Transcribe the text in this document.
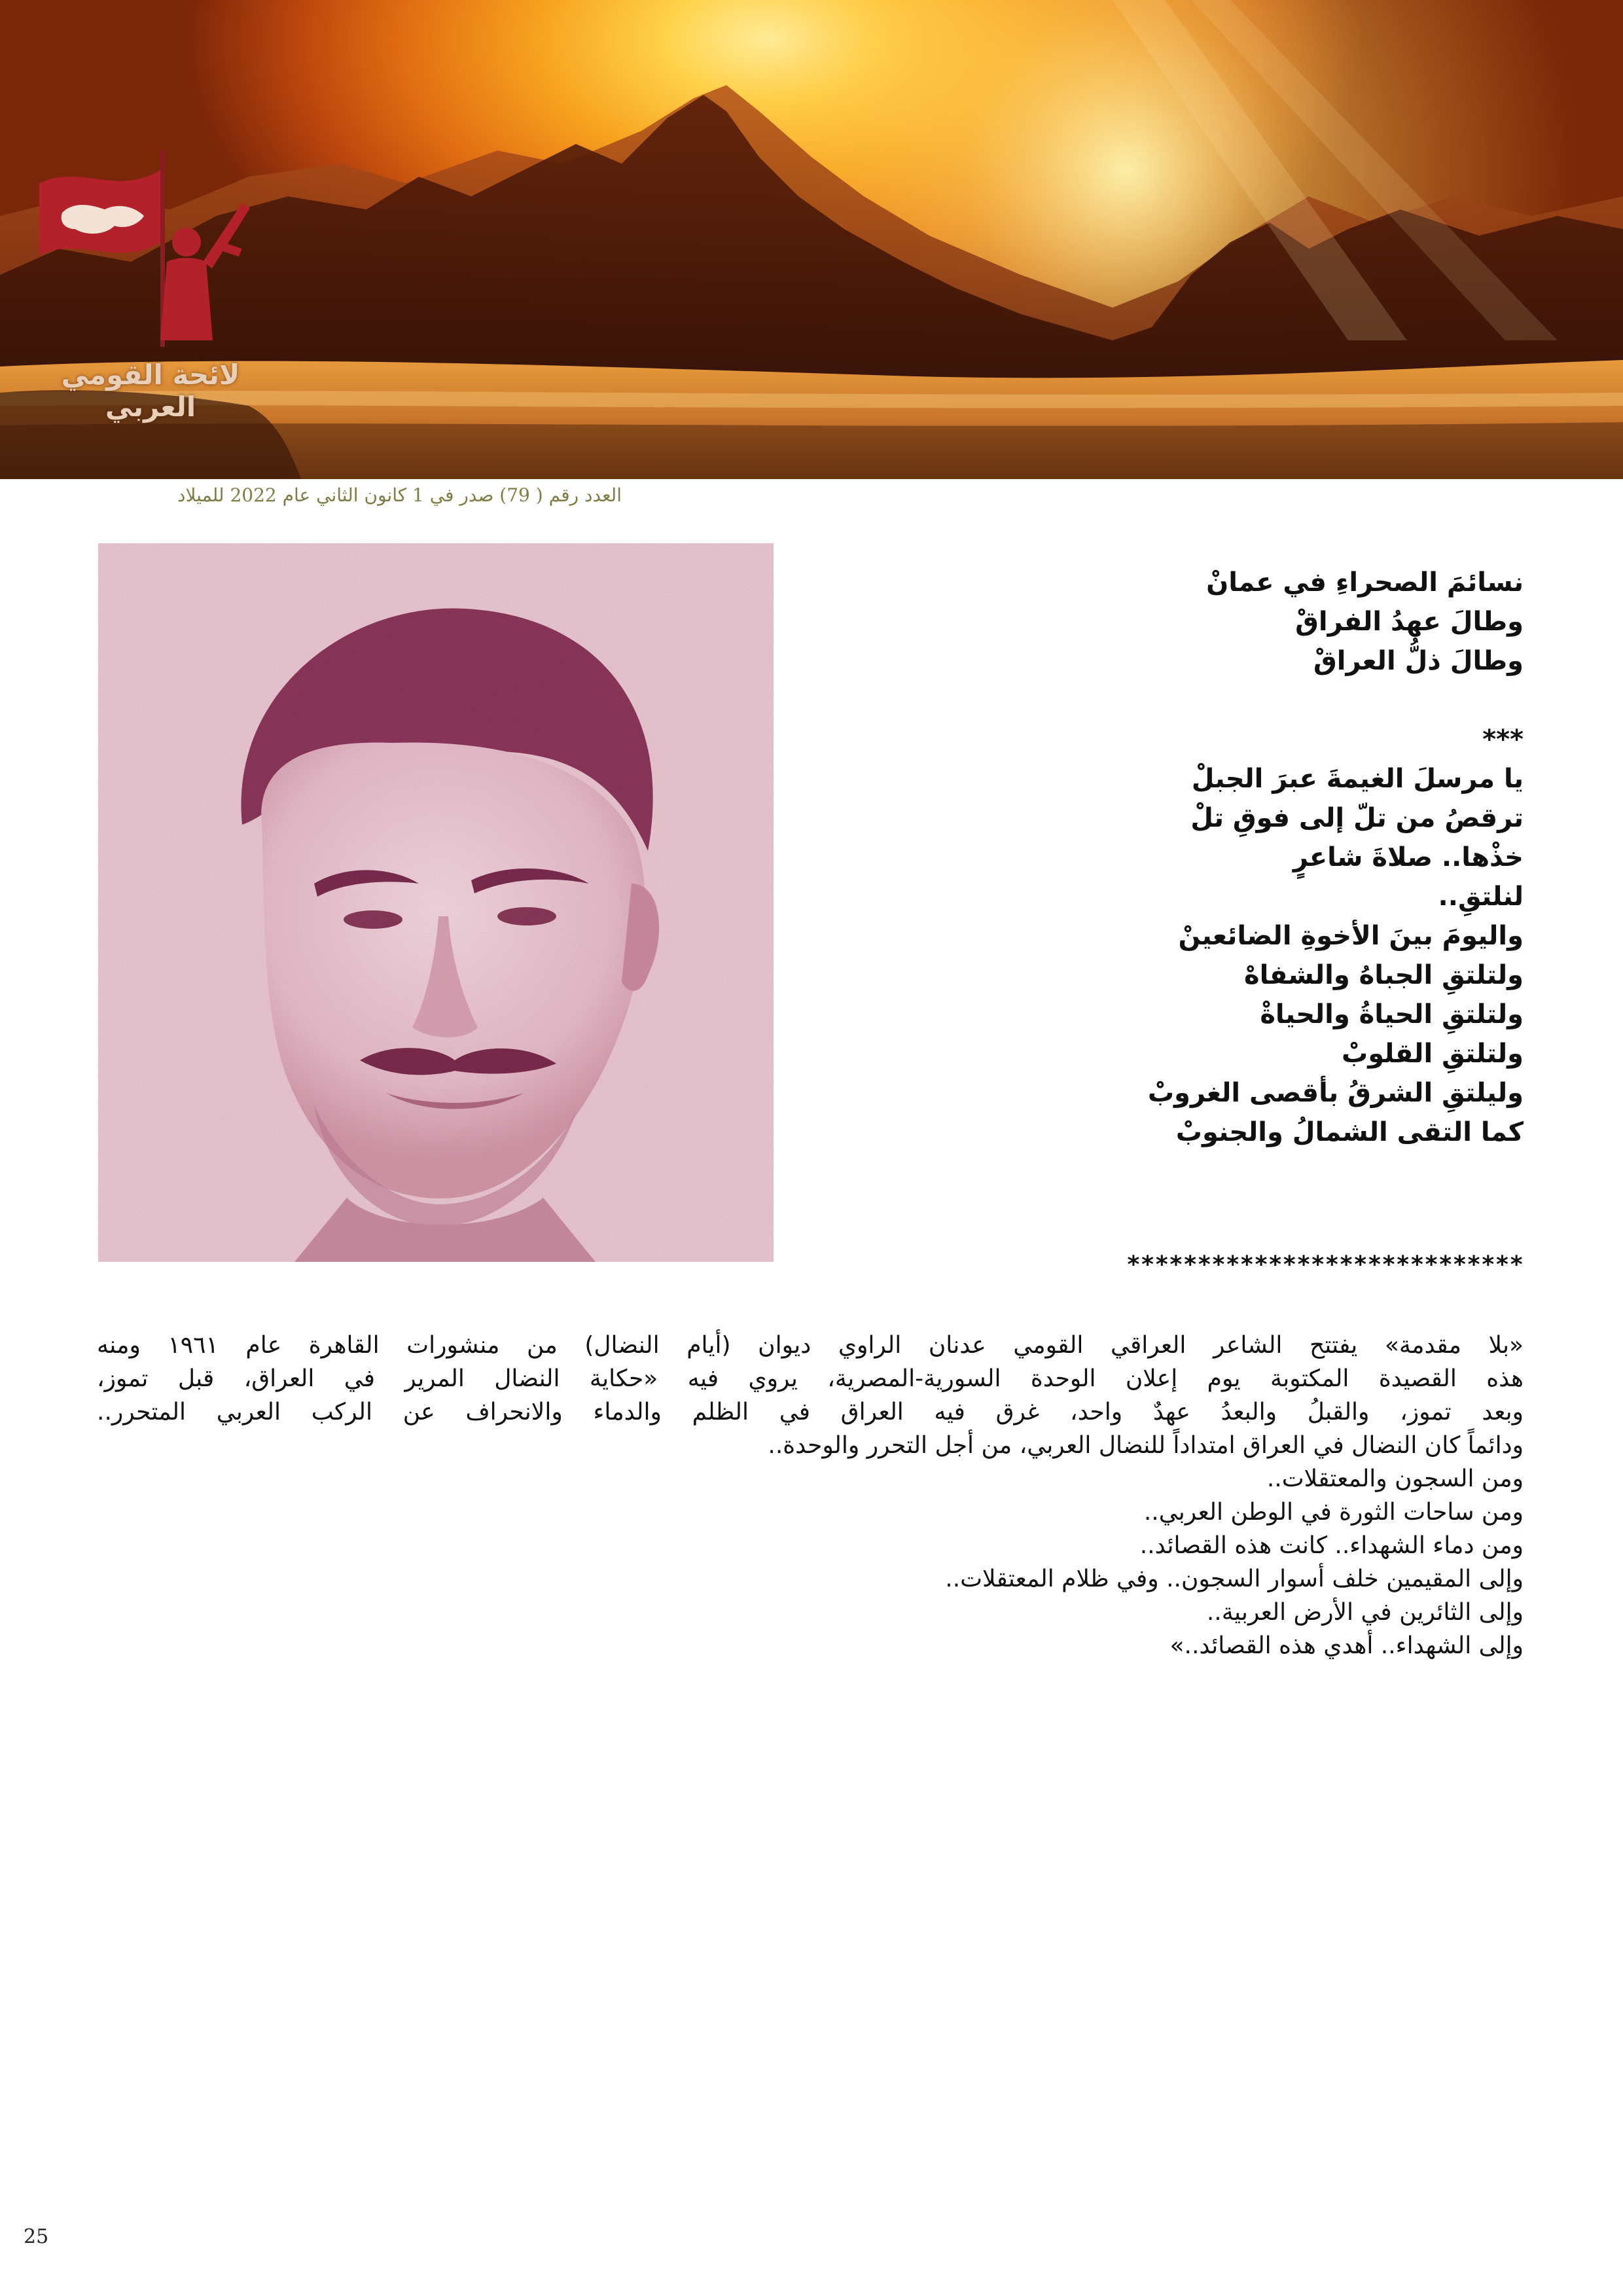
لائحة القومي العربي
العدد رقم ( 79) صدر في 1 كانون الثاني عام 2022 للميلاد
نسائمَ الصحراءِ في عمانْ
وطالَ عهدُ الفراقْ
وطالَ ذلُّ العراقْ
***
يا مرسلَ الغيمةَ عبرَ الجبلْ
ترقصُ من تلّ إلى فوقِ تلْ
خذْها.. صلاةَ شاعرٍ
لنلتقِ..
واليومَ بينَ الأخوةِ الضائعينْ
ولتلتقِ الجباهُ والشفاهْ
ولتلتقِ الحياةُ والحياةْ
ولتلتقِ القلوبْ
وليلتقِ الشرقُ بأقصى الغروبْ
كما التقى الشمالُ والجنوبْ
****************************
«بلا مقدمة» يفتتح الشاعر العراقي القومي عدنان الراوي ديوان (أيام النضال) من منشورات القاهرة عام ١٩٦١ ومنه
هذه القصيدة المكتوبة يوم إعلان الوحدة السورية-المصرية، يروي فيه «حكاية النضال المرير في العراق، قبل تموز،
وبعد تموز، والقبلُ والبعدُ عهدٌ واحد، غرق فيه العراق في الظلم والدماء والانحراف عن الركب العربي المتحرر..
ودائماً كان النضال في العراق امتداداً للنضال العربي، من أجل التحرر والوحدة..
ومن السجون والمعتقلات..
ومن ساحات الثورة في الوطن العربي..
ومن دماء الشهداء.. كانت هذه القصائد..
وإلى المقيمين خلف أسوار السجون.. وفي ظلام المعتقلات..
وإلى الثائرين في الأرض العربية..
وإلى الشهداء.. أهدي هذه القصائد..»
25
